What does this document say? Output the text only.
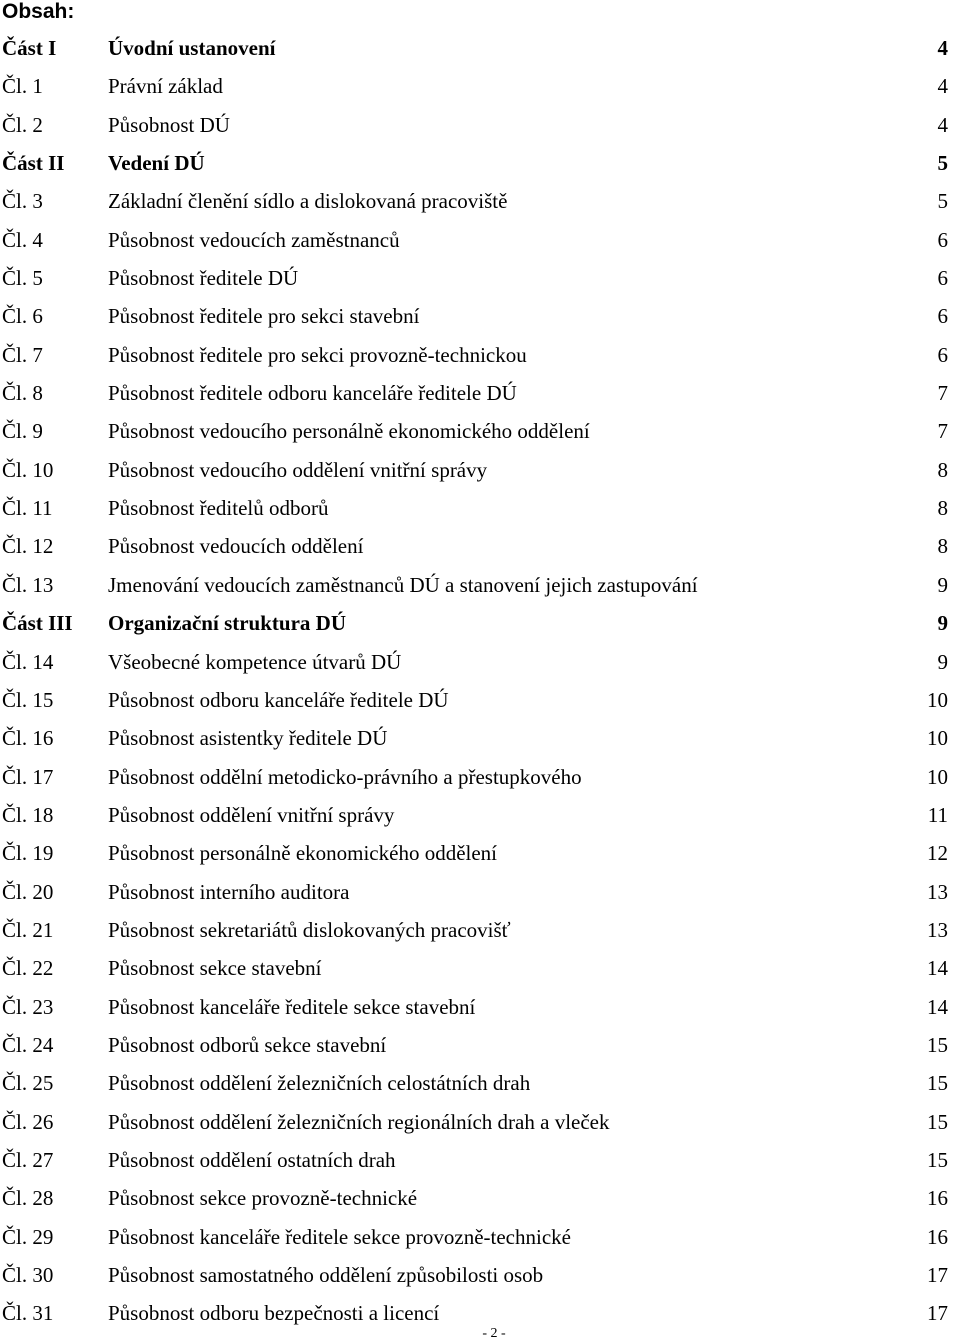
Obsah:
Část I Úvodní ustanovení	4
Čl. 1	Právní základ	4
Čl. 2	Působnost DÚ	4
Část II Vedení DÚ	5
Čl. 3	Základní členění sídlo a dislokovaná pracoviště	5
Čl. 4	Působnost vedoucích zaměstnanců	6
Čl. 5	Působnost ředitele DÚ	6
Čl. 6	Působnost ředitele pro sekci stavební	6
Čl. 7	Působnost ředitele pro sekci provozně-technickou	6
Čl. 8	Působnost ředitele odboru kanceláře ředitele DÚ	7
Čl. 9	Působnost vedoucího personálně ekonomického oddělení	7
Čl. 10	Působnost vedoucího oddělení vnitřní správy	8
Čl. 11	Působnost ředitelů odborů	8
Čl. 12	Působnost vedoucích oddělení	8
Čl. 13	Jmenování vedoucích zaměstnanců DÚ a stanovení jejich zastupování	9
Část III Organizační struktura DÚ	9
Čl. 14	Všeobecné kompetence útvarů DÚ	9
Čl. 15	Působnost odboru kanceláře ředitele DÚ	10
Čl. 16	Působnost asistentky ředitele DÚ	10
Čl. 17	Působnost oddělní metodicko-právního a přestupkového	10
Čl. 18	Působnost oddělení vnitřní správy	11
Čl. 19	Působnost personálně ekonomického oddělení	12
Čl. 20	Působnost interního auditora	13
Čl. 21	Působnost sekretariátů dislokovaných pracovišť	13
Čl. 22	Působnost sekce stavební	14
Čl. 23	Působnost kanceláře ředitele sekce stavební	14
Čl. 24	Působnost odborů sekce stavební	15
Čl. 25	Působnost oddělení železničních celostátních drah	15
Čl. 26	Působnost oddělení železničních regionálních drah a vleček	15
Čl. 27	Působnost oddělení ostatních drah	15
Čl. 28	Působnost sekce provozně-technické	16
Čl. 29	Působnost kanceláře ředitele sekce provozně-technické	16
Čl. 30	Působnost samostatného oddělení způsobilosti osob	17
Čl. 31	Působnost odboru bezpečnosti a licencí	17
- 2 -
